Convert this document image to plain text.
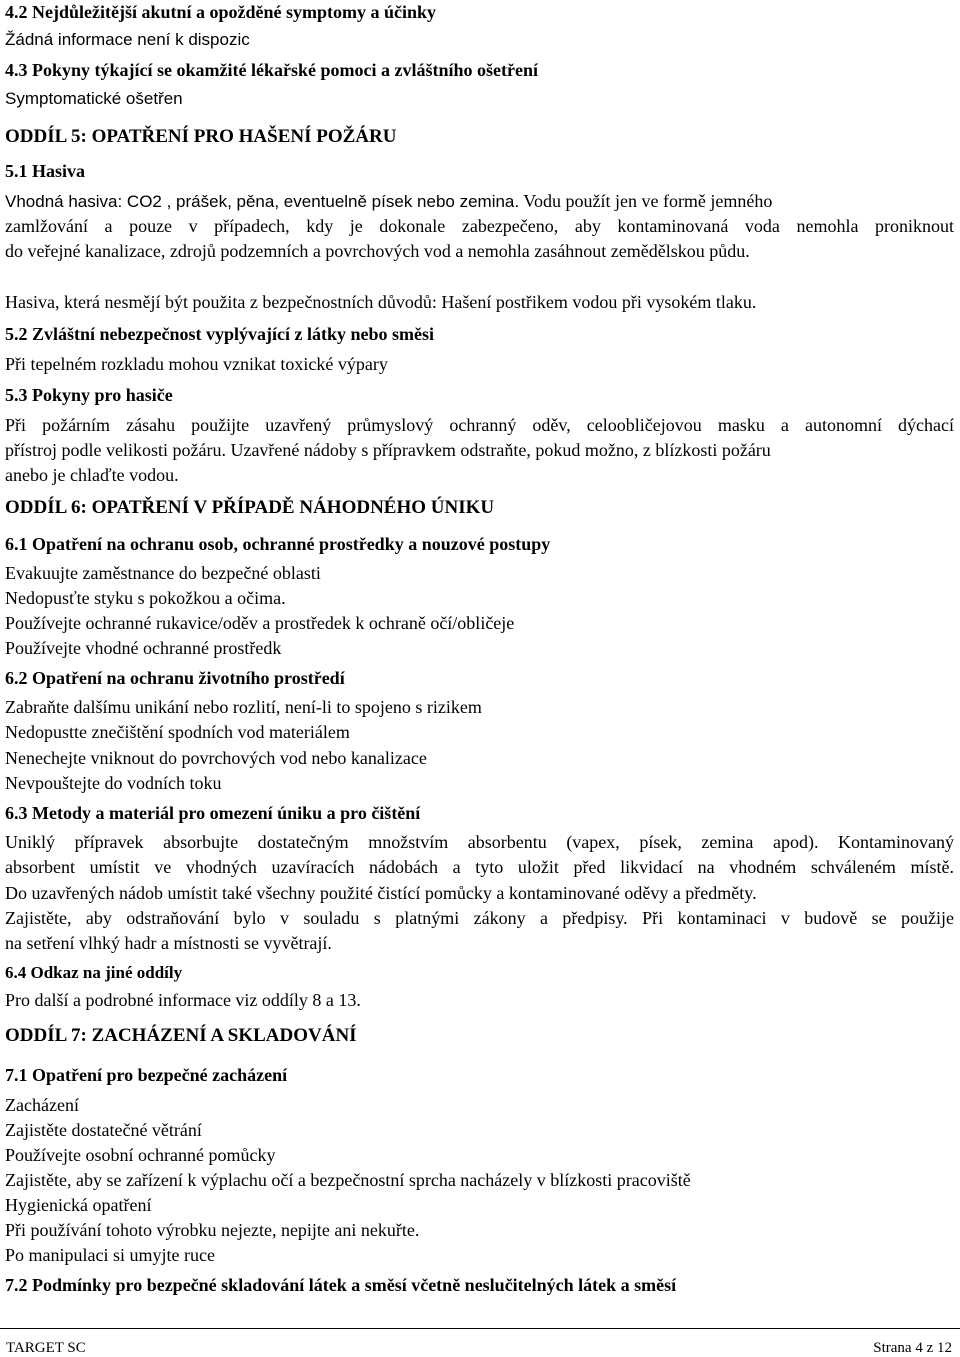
4.2 Nejdůležitější akutní a opožděné symptomy a účinky
Žádná informace není k dispozic
4.3 Pokyny týkající se okamžité lékařské pomoci a zvláštního ošetření
Symptomatické ošetřen
ODDÍL 5: OPATŘENÍ PRO HAŠENÍ POŽÁRU
5.1 Hasiva
Vhodná hasiva: CO2 , prášek, pěna, eventuelně písek nebo zemina. Vodu použít jen ve formě jemného
zamlžování a pouze v případech, kdy je dokonale zabezpečeno, aby kontaminovaná voda nemohla proniknout
do veřejné kanalizace, zdrojů podzemních a povrchových vod a nemohla zasáhnout zemědělskou půdu.
Hasiva, která nesmějí být použita z bezpečnostních důvodů: Hašení postřikem vodou při vysokém tlaku.
5.2 Zvláštní nebezpečnost vyplývající z látky nebo směsi
Při tepelném rozkladu mohou vznikat toxické výpary
5.3 Pokyny pro hasiče
Při požárním zásahu použijte uzavřený průmyslový ochranný oděv, celoobličejovou masku a autonomní dýchací
přístroj podle velikosti požáru. Uzavřené nádoby s přípravkem odstraňte, pokud možno, z blízkosti požáru
anebo je chlaďte vodou.
ODDÍL 6: OPATŘENÍ V PŘÍPADĚ NÁHODNÉHO ÚNIKU
6.1 Opatření na ochranu osob, ochranné prostředky a nouzové postupy
Evakuujte zaměstnance do bezpečné oblasti
Nedopusťte styku s pokožkou a očima.
Používejte ochranné rukavice/oděv a prostředek k ochraně očí/obličeje
Používejte vhodné ochranné prostředk
6.2 Opatření na ochranu životního prostředí
Zabraňte dalšímu unikání nebo rozlití, není-li to spojeno s rizikem
Nedopustte znečištění spodních vod materiálem
Nenechejte vniknout do povrchových vod nebo kanalizace
Nevpouštejte do vodních toku
6.3 Metody a materiál pro omezení úniku a pro čištění
Uniklý přípravek absorbujte dostatečným množstvím absorbentu (vapex, písek, zemina apod). Kontaminovaný
absorbent umístit ve vhodných uzavíracích nádobách a tyto uložit před likvidací na vhodném schváleném místě.
Do uzavřených nádob umístit také všechny použité čistící pomůcky a kontaminované oděvy a předměty.
Zajistěte, aby odstraňování bylo v souladu s platnými zákony a předpisy. Při kontaminaci v budově se použije
na setření vlhký hadr a místnosti se vyvětrají.
6.4 Odkaz na jiné oddíly
Pro další a podrobné informace viz oddíly 8 a 13.
ODDÍL 7: ZACHÁZENÍ A SKLADOVÁNÍ
7.1 Opatření pro bezpečné zacházení
Zacházení
Zajistěte dostatečné větrání
Používejte osobní ochranné pomůcky
Zajistěte, aby se zařízení k výplachu očí a bezpečnostní sprcha nacházely v blízkosti pracoviště
Hygienická opatření
Při používání tohoto výrobku nejezte, nepijte ani nekuřte.
Po manipulaci si umyjte ruce
7.2 Podmínky pro bezpečné skladování látek a směsí včetně neslučitelných látek a směsí
TARGET SC	Strana 4 z 12
